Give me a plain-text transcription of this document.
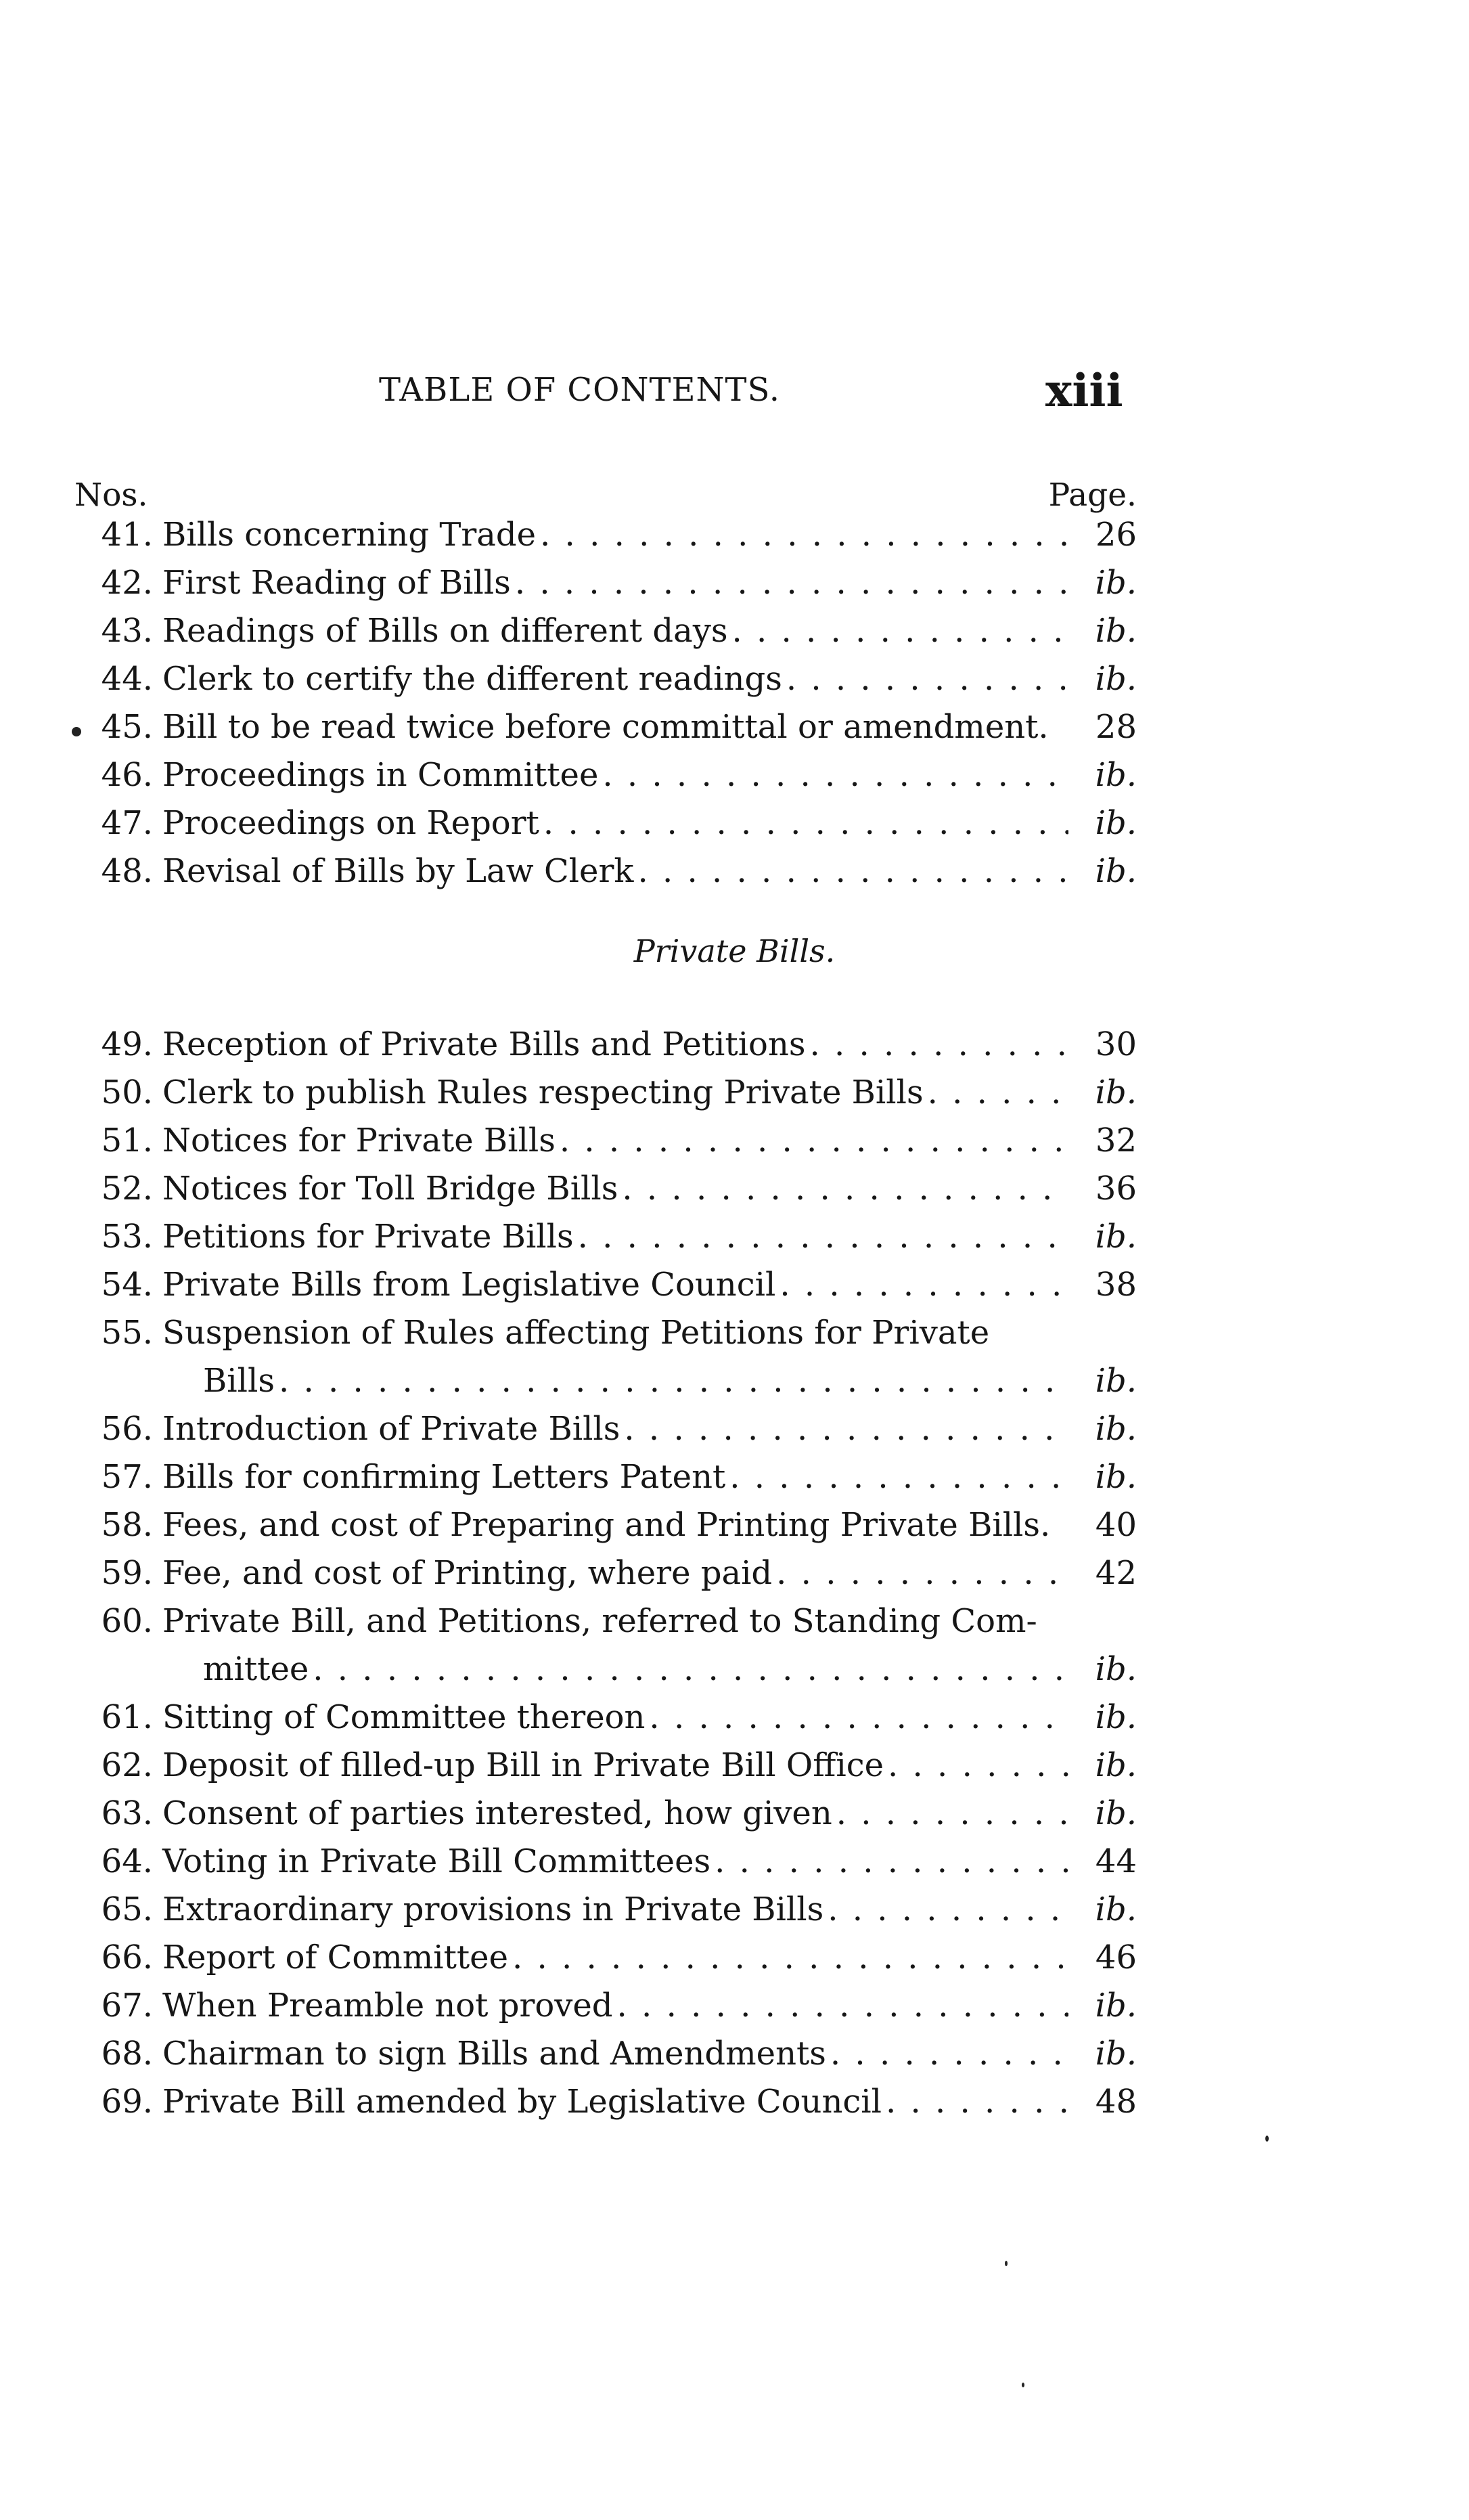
TABLE OF CONTENTS.	xiii
Nos.	Page.
41. Bills concerning Trade . . .	26
42. First Reading of Bills . . .	ib.
43. Readings of Bills on different days . . .	ib.
44. Clerk to certify the different readings . . .	ib.
45. Bill to be read twice before committal or amendment.	28
46. Proceedings in Committee . . .	ib.
47. Proceedings on Report . . .	ib.
48. Revisal of Bills by Law Clerk . . .	ib.
Private Bills.
49. Reception of Private Bills and Petitions . . .	30
50. Clerk to publish Rules respecting Private Bills . . .	ib.
51. Notices for Private Bills . . .	32
52. Notices for Toll Bridge Bills . . .	36
53. Petitions for Private Bills . . .	ib.
54. Private Bills from Legislative Council . . .	38
55. Suspension of Rules affecting Petitions for Private
Bills . . .	ib.
56. Introduction of Private Bills . . .	ib.
57. Bills for confirming Letters Patent . . .	ib.
58. Fees, and cost of Preparing and Printing Private Bills.	40
59. Fee, and cost of Printing, where paid . . .	42
60. Private Bill, and Petitions, referred to Standing Com-
mittee . . .	ib.
61. Sitting of Committee thereon . . .	ib.
62. Deposit of filled-up Bill in Private Bill Office . . .	ib.
63. Consent of parties interested, how given . . .	ib.
64. Voting in Private Bill Committees . . .	44
65. Extraordinary provisions in Private Bills . . .	ib.
66. Report of Committee . . .	46
67. When Preamble not proved . . .	ib.
68. Chairman to sign Bills and Amendments . . .	ib.
69. Private Bill amended by Legislative Council . . .	48
